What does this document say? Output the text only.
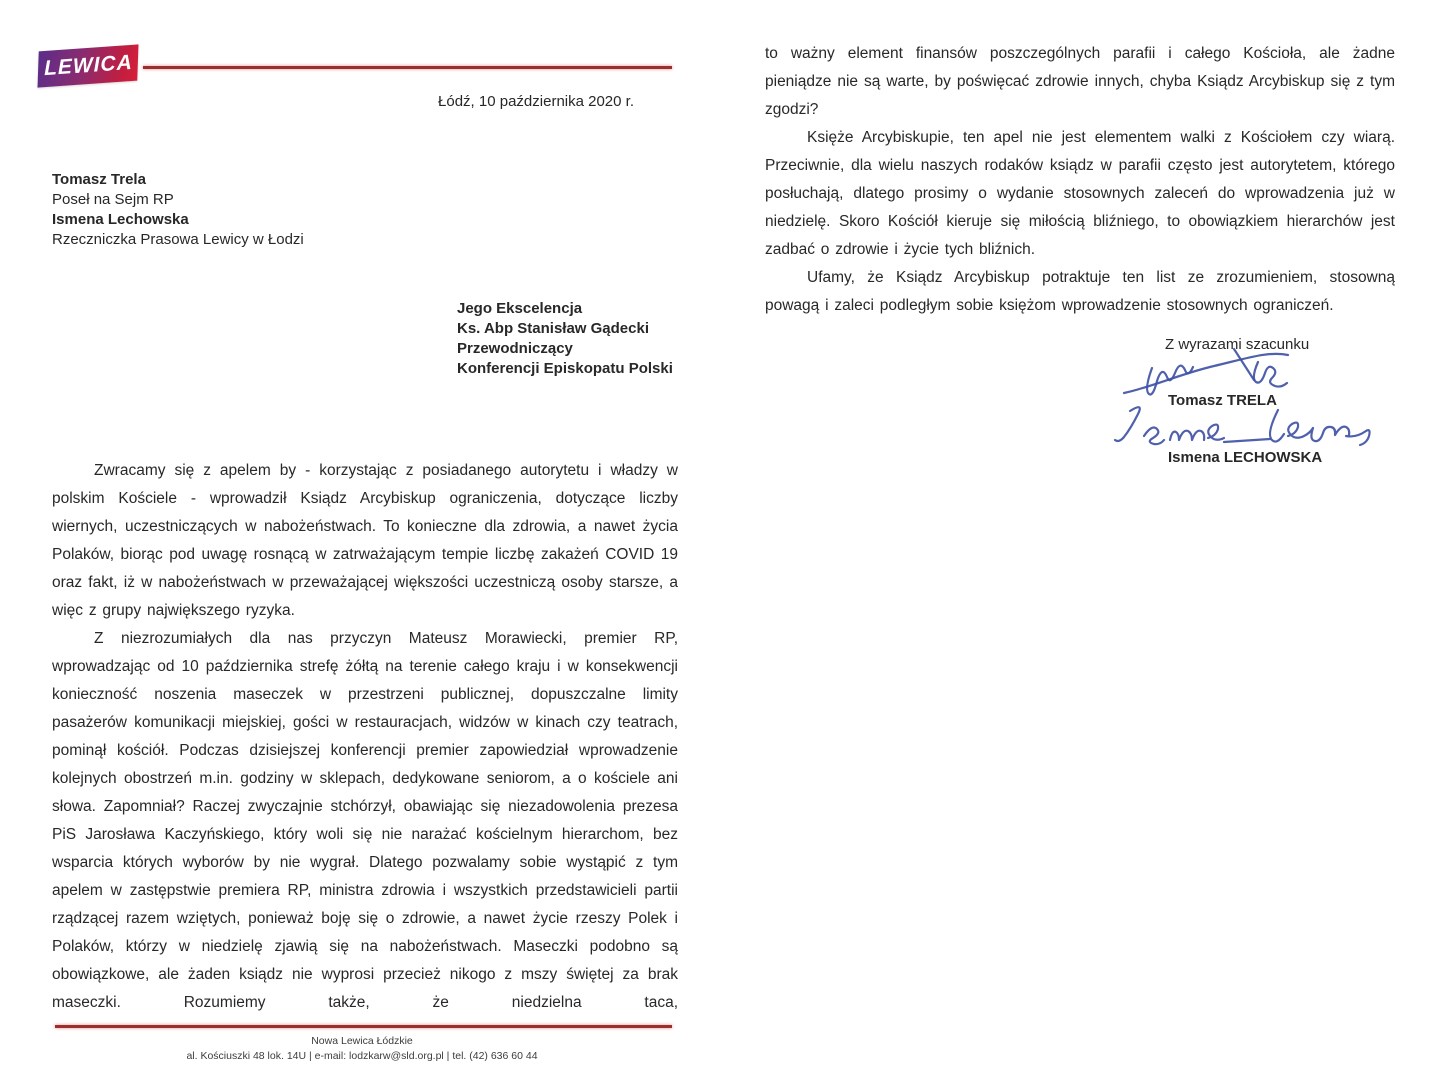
LEWICA
Łódź, 10 października 2020 r.
Tomasz Trela
Poseł na Sejm RP
Ismena Lechowska
Rzeczniczka Prasowa Lewicy w Łodzi
Jego Ekscelencja
Ks. Abp Stanisław Gądecki
Przewodniczący
Konferencji Episkopatu Polski

Zwracamy się z apelem by - korzystając z posiadanego autorytetu i władzy w polskim Kościele - wprowadził Ksiądz Arcybiskup ograniczenia, dotyczące liczby wiernych, uczestniczących w nabożeństwach. To konieczne dla zdrowia, a nawet życia Polaków, biorąc pod uwagę rosnącą w zatrważającym tempie liczbę zakażeń COVID 19 oraz fakt, iż w nabożeństwach w przeważającej większości uczestniczą osoby starsze, a więc z grupy największego ryzyka.

Z niezrozumiałych dla nas przyczyn Mateusz Morawiecki, premier RP, wprowadzając od 10 października strefę żółtą na terenie całego kraju i w konsekwencji konieczność noszenia maseczek w przestrzeni publicznej, dopuszczalne limity pasażerów komunikacji miejskiej, gości w restauracjach, widzów w kinach czy teatrach, pominął kościół. Podczas dzisiejszej konferencji premier zapowiedział wprowadzenie kolejnych obostrzeń m.in. godziny w sklepach, dedykowane seniorom, a o kościele ani słowa. Zapomniał? Raczej zwyczajnie stchórzył, obawiając się niezadowolenia prezesa PiS Jarosława Kaczyńskiego, który woli się nie narażać kościelnym hierarchom, bez wsparcia których wyborów by nie wygrał. Dlatego pozwalamy sobie wystąpić z tym apelem w zastępstwie premiera RP, ministra zdrowia i wszystkich przedstawicieli partii rządzącej razem wziętych, ponieważ boję się o zdrowie, a nawet życie rzeszy Polek i Polaków, którzy w niedzielę zjawią się na nabożeństwach. Maseczki podobno są obowiązkowe, ale żaden ksiądz nie wyprosi przecież nikogo z mszy świętej za brak maseczki. Rozumiemy także, że niedzielna taca,

Nowa Lewica Łódzkie
al. Kościuszki 48 lok. 14U | e-mail: lodzkarw@sld.org.pl | tel. (42) 636 60 44

to ważny element finansów poszczególnych parafii i całego Kościoła, ale żadne pieniądze nie są warte, by poświęcać zdrowie innych, chyba Ksiądz Arcybiskup się z tym zgodzi?

Księże Arcybiskupie, ten apel nie jest elementem walki z Kościołem czy wiarą. Przeciwnie, dla wielu naszych rodaków ksiądz w parafii często jest autorytetem, którego posłuchają, dlatego prosimy o wydanie stosownych zaleceń do wprowadzenia już w niedzielę. Skoro Kościół kieruje się miłością bliźniego, to obowiązkiem hierarchów jest zadbać o zdrowie i życie tych bliźnich.

Ufamy, że Ksiądz Arcybiskup potraktuje ten list ze zrozumieniem, stosowną powagą i zaleci podległym sobie księżom wprowadzenie stosownych ograniczeń.

Z wyrazami szacunku
Tomasz TRELA
Ismena LECHOWSKA
